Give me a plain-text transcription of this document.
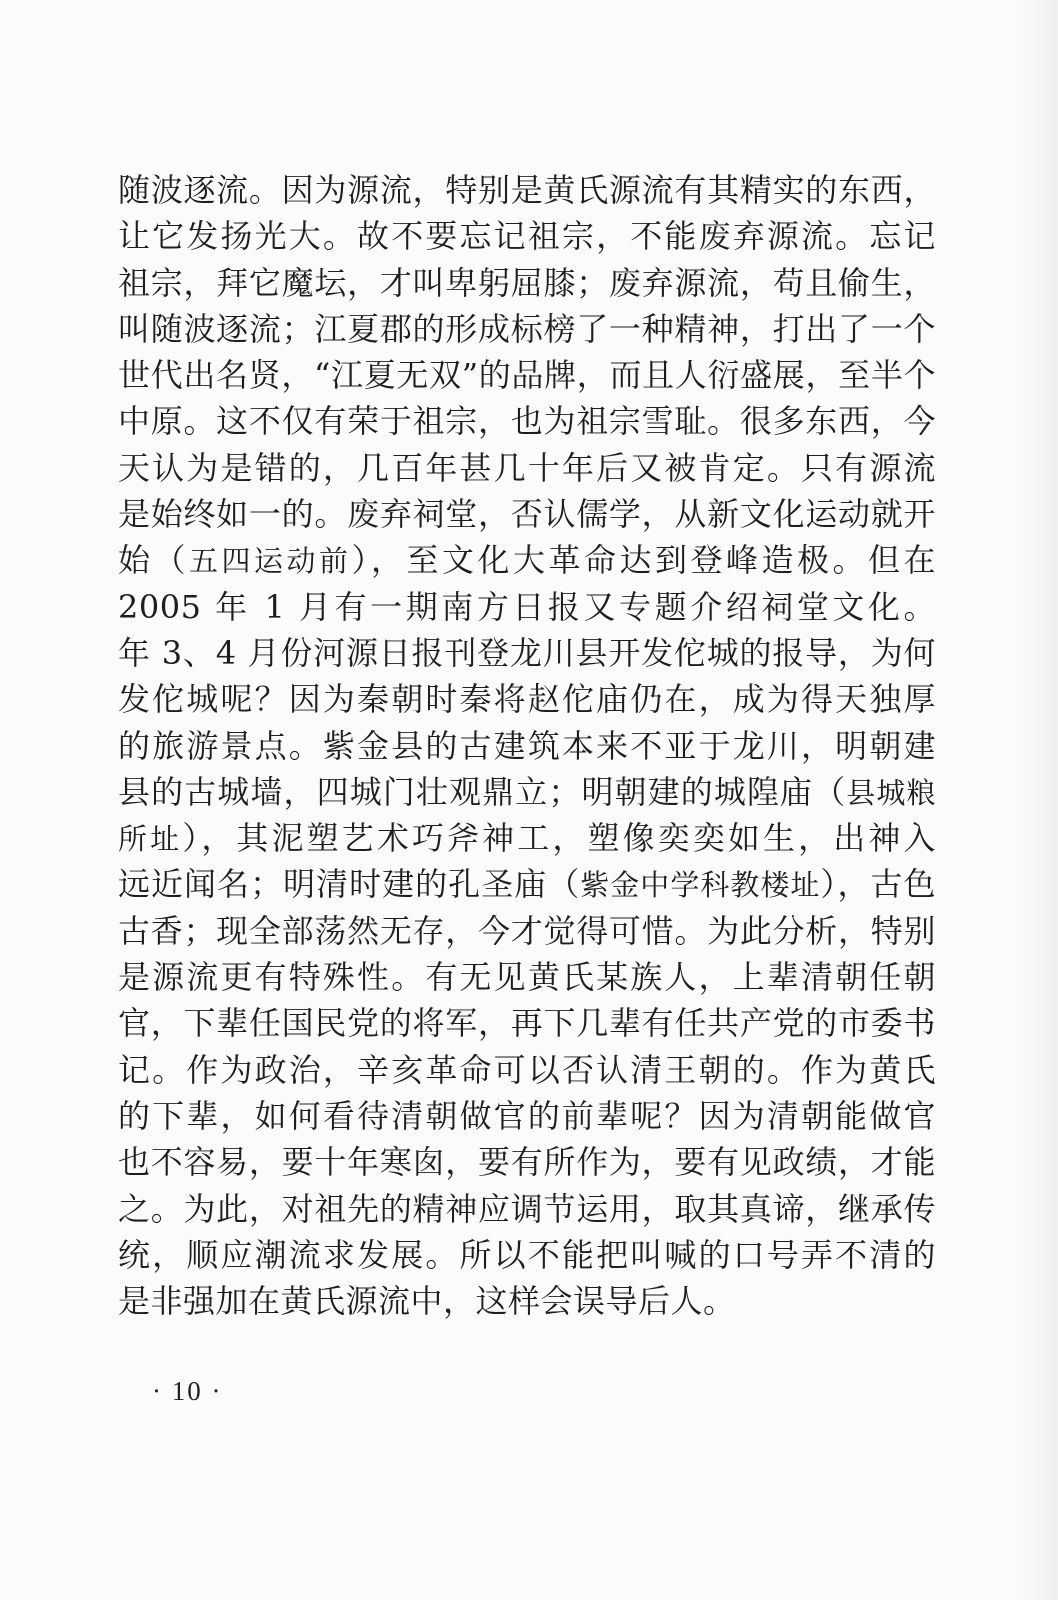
随波逐流。因为源流，特别是黄氏源流有其精实的东西，
让它发扬光大。故不要忘记祖宗，不能废弃源流。忘记
祖宗，拜它魔坛，才叫卑躬屈膝；废弃源流，苟且偷生，
叫随波逐流；江夏郡的形成标榜了一种精神，打出了一个
世代出名贤，“江夏无双”的品牌，而且人衍盛展，至半个
中原。这不仅有荣于祖宗，也为祖宗雪耻。很多东西，今
天认为是错的，几百年甚几十年后又被肯定。只有源流
是始终如一的。废弃祠堂，否认儒学，从新文化运动就开
始（五四运动前），至文化大革命达到登峰造极。但在
2005 年 1 月有一期南方日报又专题介绍祠堂文化。
年 3、4 月份河源日报刊登龙川县开发佗城的报导，为何
发佗城呢？因为秦朝时秦将赵佗庙仍在，成为得天独厚
的旅游景点。紫金县的古建筑本来不亚于龙川，明朝建
县的古城墙，四城门壮观鼎立；明朝建的城隍庙（县城粮
所址），其泥塑艺术巧斧神工，塑像奕奕如生，出神入
远近闻名；明清时建的孔圣庙（紫金中学科教楼址），古色
古香；现全部荡然无存，今才觉得可惜。为此分析，特别
是源流更有特殊性。有无见黄氏某族人，上辈清朝任朝
官，下辈任国民党的将军，再下几辈有任共产党的市委书
记。作为政治，辛亥革命可以否认清王朝的。作为黄氏
的下辈，如何看待清朝做官的前辈呢？因为清朝能做官
也不容易，要十年寒囱，要有所作为，要有见政绩，才能
之。为此，对祖先的精神应调节运用，取其真谛，继承传
统，顺应潮流求发展。所以不能把叫喊的口号弄不清的
是非强加在黄氏源流中，这样会误导后人。
· 10 ·
